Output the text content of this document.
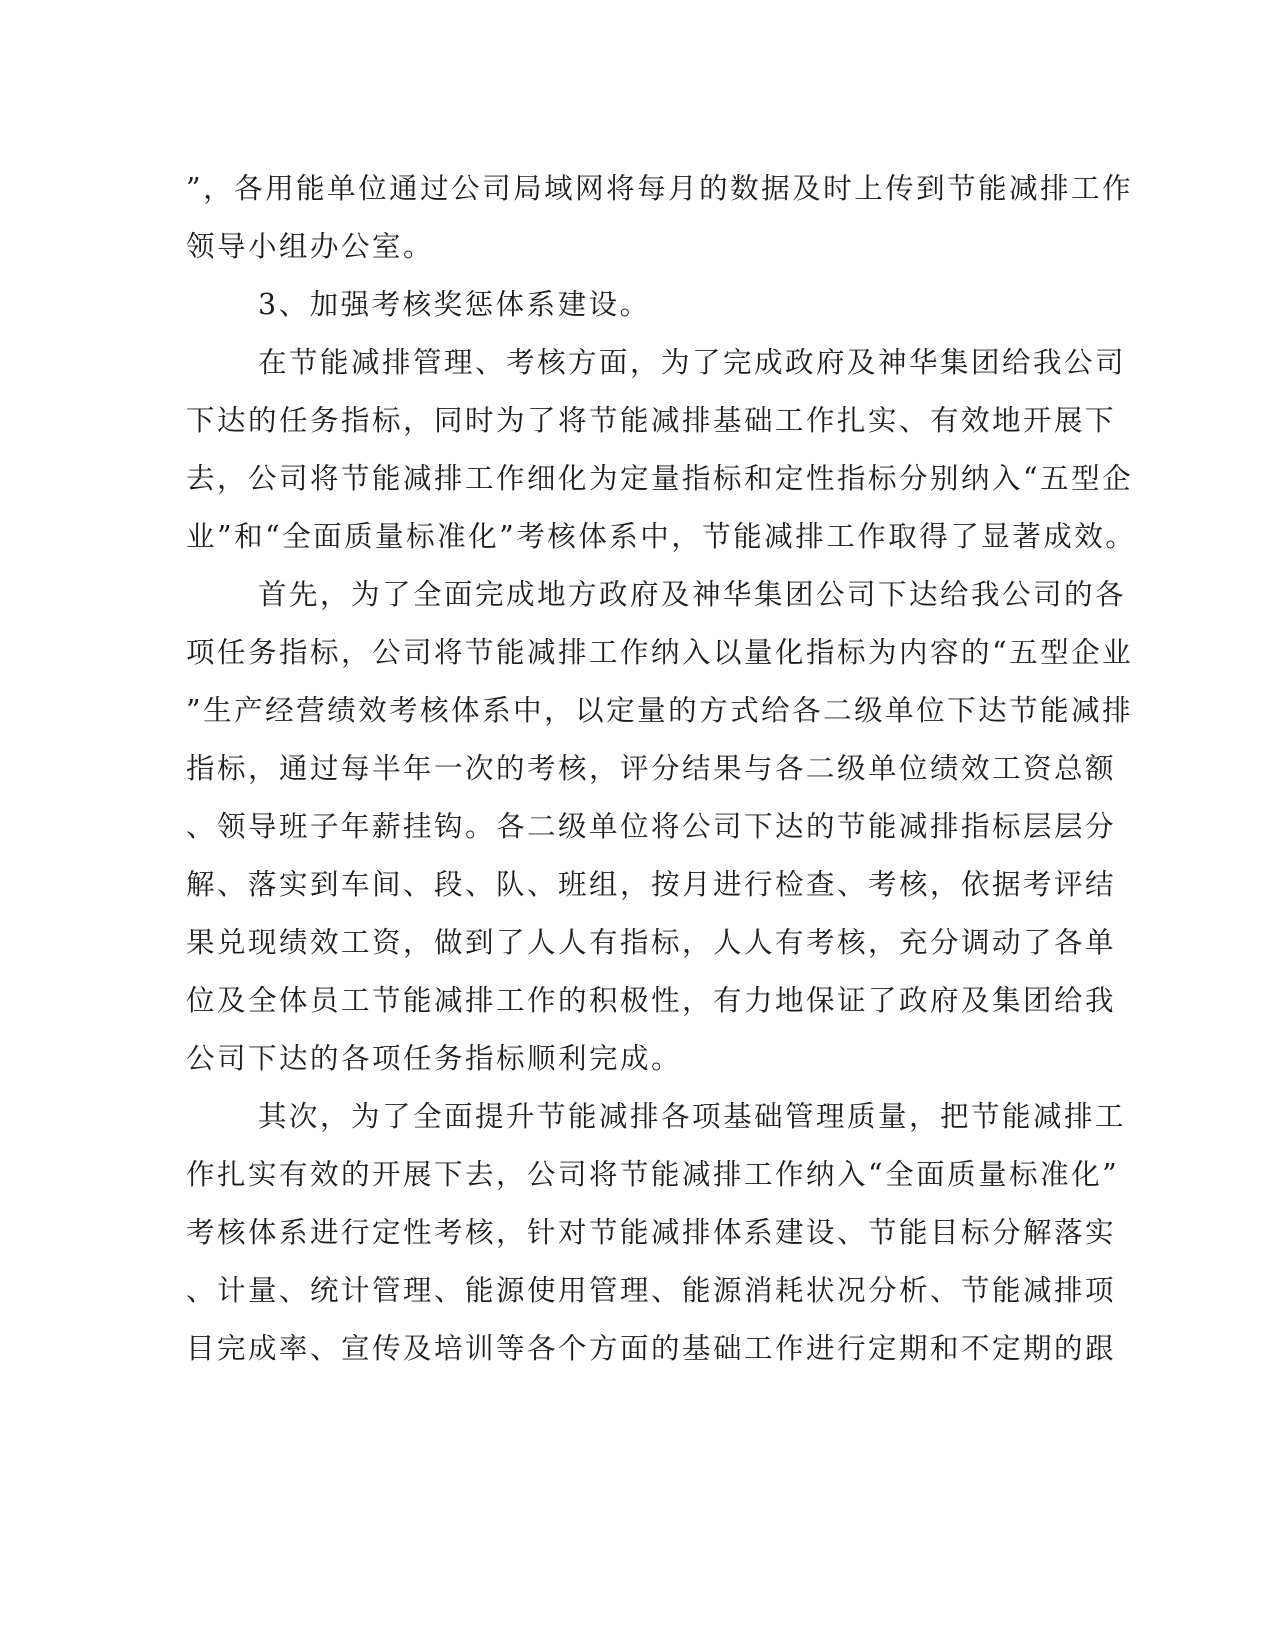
”，各用能单位通过公司局域网将每月的数据及时上传到节能减排工作
领导小组办公室。
3、加强考核奖惩体系建设。
在节能减排管理、考核方面，为了完成政府及神华集团给我公司
下达的任务指标，同时为了将节能减排基础工作扎实、有效地开展下
去，公司将节能减排工作细化为定量指标和定性指标分别纳入“五型企
业”和“全面质量标准化”考核体系中，节能减排工作取得了显著成效。
首先，为了全面完成地方政府及神华集团公司下达给我公司的各
项任务指标，公司将节能减排工作纳入以量化指标为内容的“五型企业
”生产经营绩效考核体系中，以定量的方式给各二级单位下达节能减排
指标，通过每半年一次的考核，评分结果与各二级单位绩效工资总额
、领导班子年薪挂钩。各二级单位将公司下达的节能减排指标层层分
解、落实到车间、段、队、班组，按月进行检查、考核，依据考评结
果兑现绩效工资，做到了人人有指标，人人有考核，充分调动了各单
位及全体员工节能减排工作的积极性，有力地保证了政府及集团给我
公司下达的各项任务指标顺利完成。
其次，为了全面提升节能减排各项基础管理质量，把节能减排工
作扎实有效的开展下去，公司将节能减排工作纳入“全面质量标准化”
考核体系进行定性考核，针对节能减排体系建设、节能目标分解落实
、计量、统计管理、能源使用管理、能源消耗状况分析、节能减排项
目完成率、宣传及培训等各个方面的基础工作进行定期和不定期的跟
